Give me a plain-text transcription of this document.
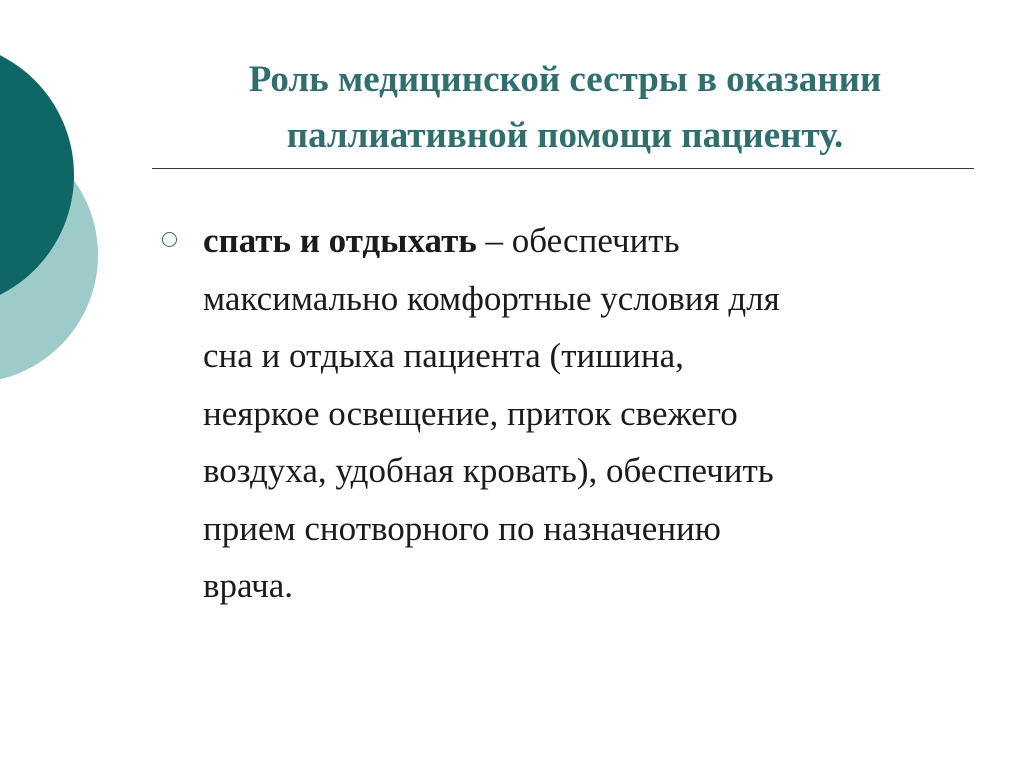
Роль медицинской сестры в оказании
паллиативной помощи пациенту.

спать и отдыхать – обеспечить
максимально комфортные условия для
сна и отдыха пациента (тишина,
неяркое освещение, приток свежего
воздуха, удобная кровать), обеспечить
прием снотворного по назначению
врача.
